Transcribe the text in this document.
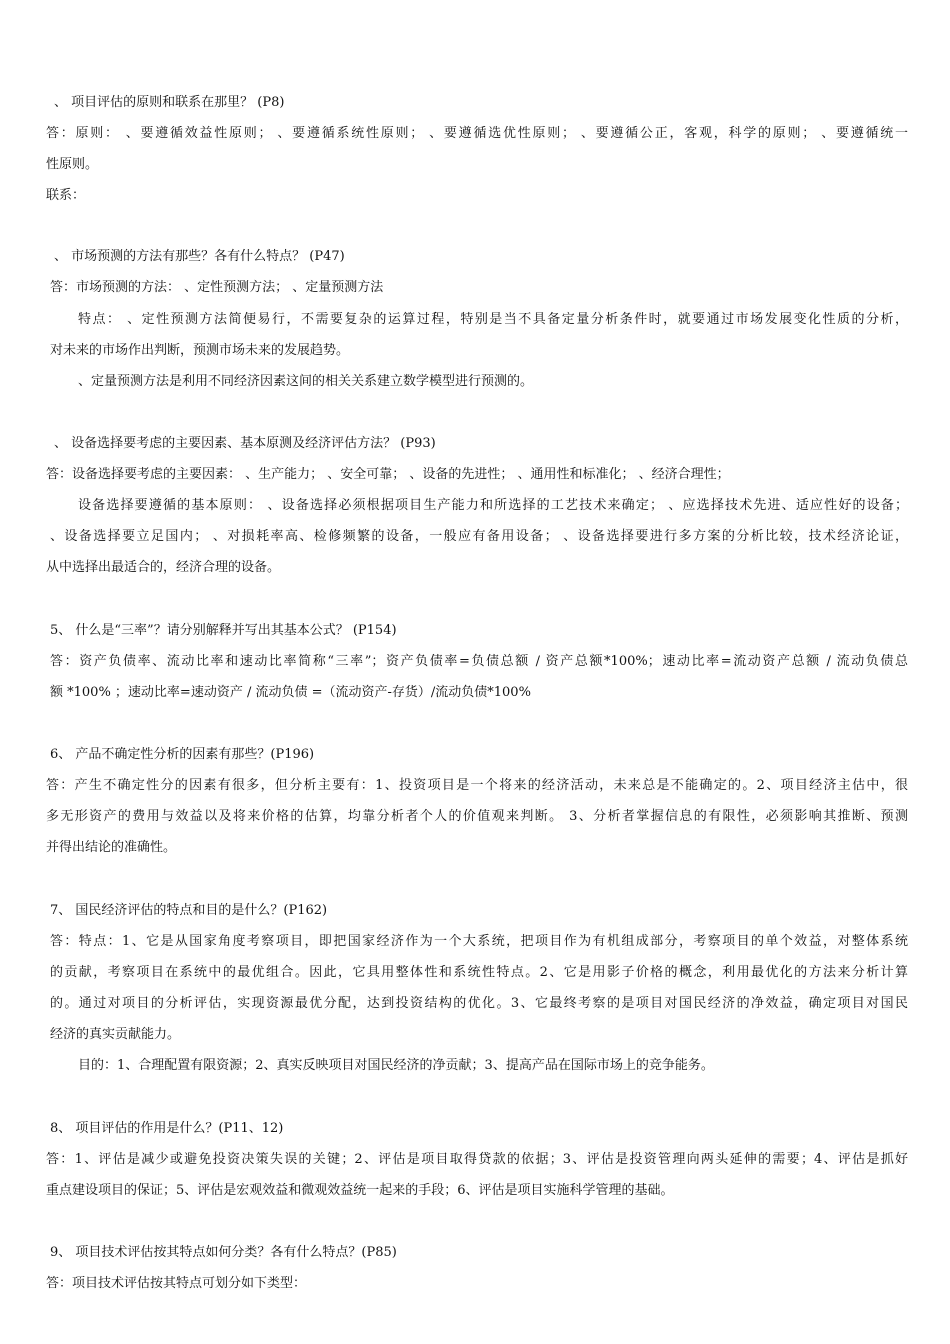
、 项目评估的原则和联系在那里？ (P8)
答：原则： 、要遵循效益性原则； 、要遵循系统性原则； 、要遵循选优性原则； 、要遵循公正，客观，科学的原则； 、要遵循统一
性原则。
联系：
、 市场预测的方法有那些？各有什么特点？ (P47)
答：市场预测的方法： 、定性预测方法； 、定量预测方法
特点： 、定性预测方法简便易行，不需要复杂的运算过程，特别是当不具备定量分析条件时，就要通过市场发展变化性质的分析，
对未来的市场作出判断，预测市场未来的发展趋势。
、定量预测方法是利用不同经济因素这间的相关关系建立数学模型进行预测的。
、 设备选择要考虑的主要因素、基本原测及经济评估方法？ (P93)
答：设备选择要考虑的主要因素： 、生产能力； 、安全可靠； 、设备的先进性； 、通用性和标准化； 、经济合理性；
设备选择要遵循的基本原则： 、设备选择必须根据项目生产能力和所选择的工艺技术来确定； 、应选择技术先进、适应性好的设备；
、设备选择要立足国内； 、对损耗率高、检修频繁的设备，一般应有备用设备； 、设备选择要进行多方案的分析比较，技术经济论证，
从中选择出最适合的，经济合理的设备。
5、 什么是“三率”？请分别解释并写出其基本公式？ (P154)
答：资产负债率、流动比率和速动比率简称“三率”；资产负债率=负债总额 / 资产总额*100%；速动比率=流动资产总额 / 流动负债总
额 *100% ；速动比率=速动资产 / 流动负债 =（流动资产-存货）/流动负债*100%
6、 产品不确定性分析的因素有那些？(P196)
答：产生不确定性分的因素有很多，但分析主要有：1、投资项目是一个将来的经济活动，未来总是不能确定的。2、项目经济主估中，很
多无形资产的费用与效益以及将来价格的估算，均靠分析者个人的价值观来判断。 3、分析者掌握信息的有限性，必须影响其推断、预测
并得出结论的准确性。
7、 国民经济评估的特点和目的是什么？(P162)
答：特点：1、它是从国家角度考察项目，即把国家经济作为一个大系统，把项目作为有机组成部分，考察项目的单个效益，对整体系统
的贡献，考察项目在系统中的最优组合。因此，它具用整体性和系统性特点。2、它是用影子价格的概念，利用最优化的方法来分析计算
的。通过对项目的分析评估，实现资源最优分配，达到投资结构的优化。3、它最终考察的是项目对国民经济的净效益，确定项目对国民
经济的真实贡献能力。
目的：1、合理配置有限资源；2、真实反映项目对国民经济的净贡献；3、提高产品在国际市场上的竞争能务。
8、 项目评估的作用是什么？(P11、12)
答：1、评估是减少或避免投资决策失误的关键；2、评估是项目取得贷款的依据；3、评估是投资管理向两头延伸的需要；4、评估是抓好
重点建设项目的保证；5、评估是宏观效益和微观效益统一起来的手段；6、评估是项目实施科学管理的基础。
9、 项目技术评估按其特点如何分类？各有什么特点？(P85)
答：项目技术评估按其特点可划分如下类型：
